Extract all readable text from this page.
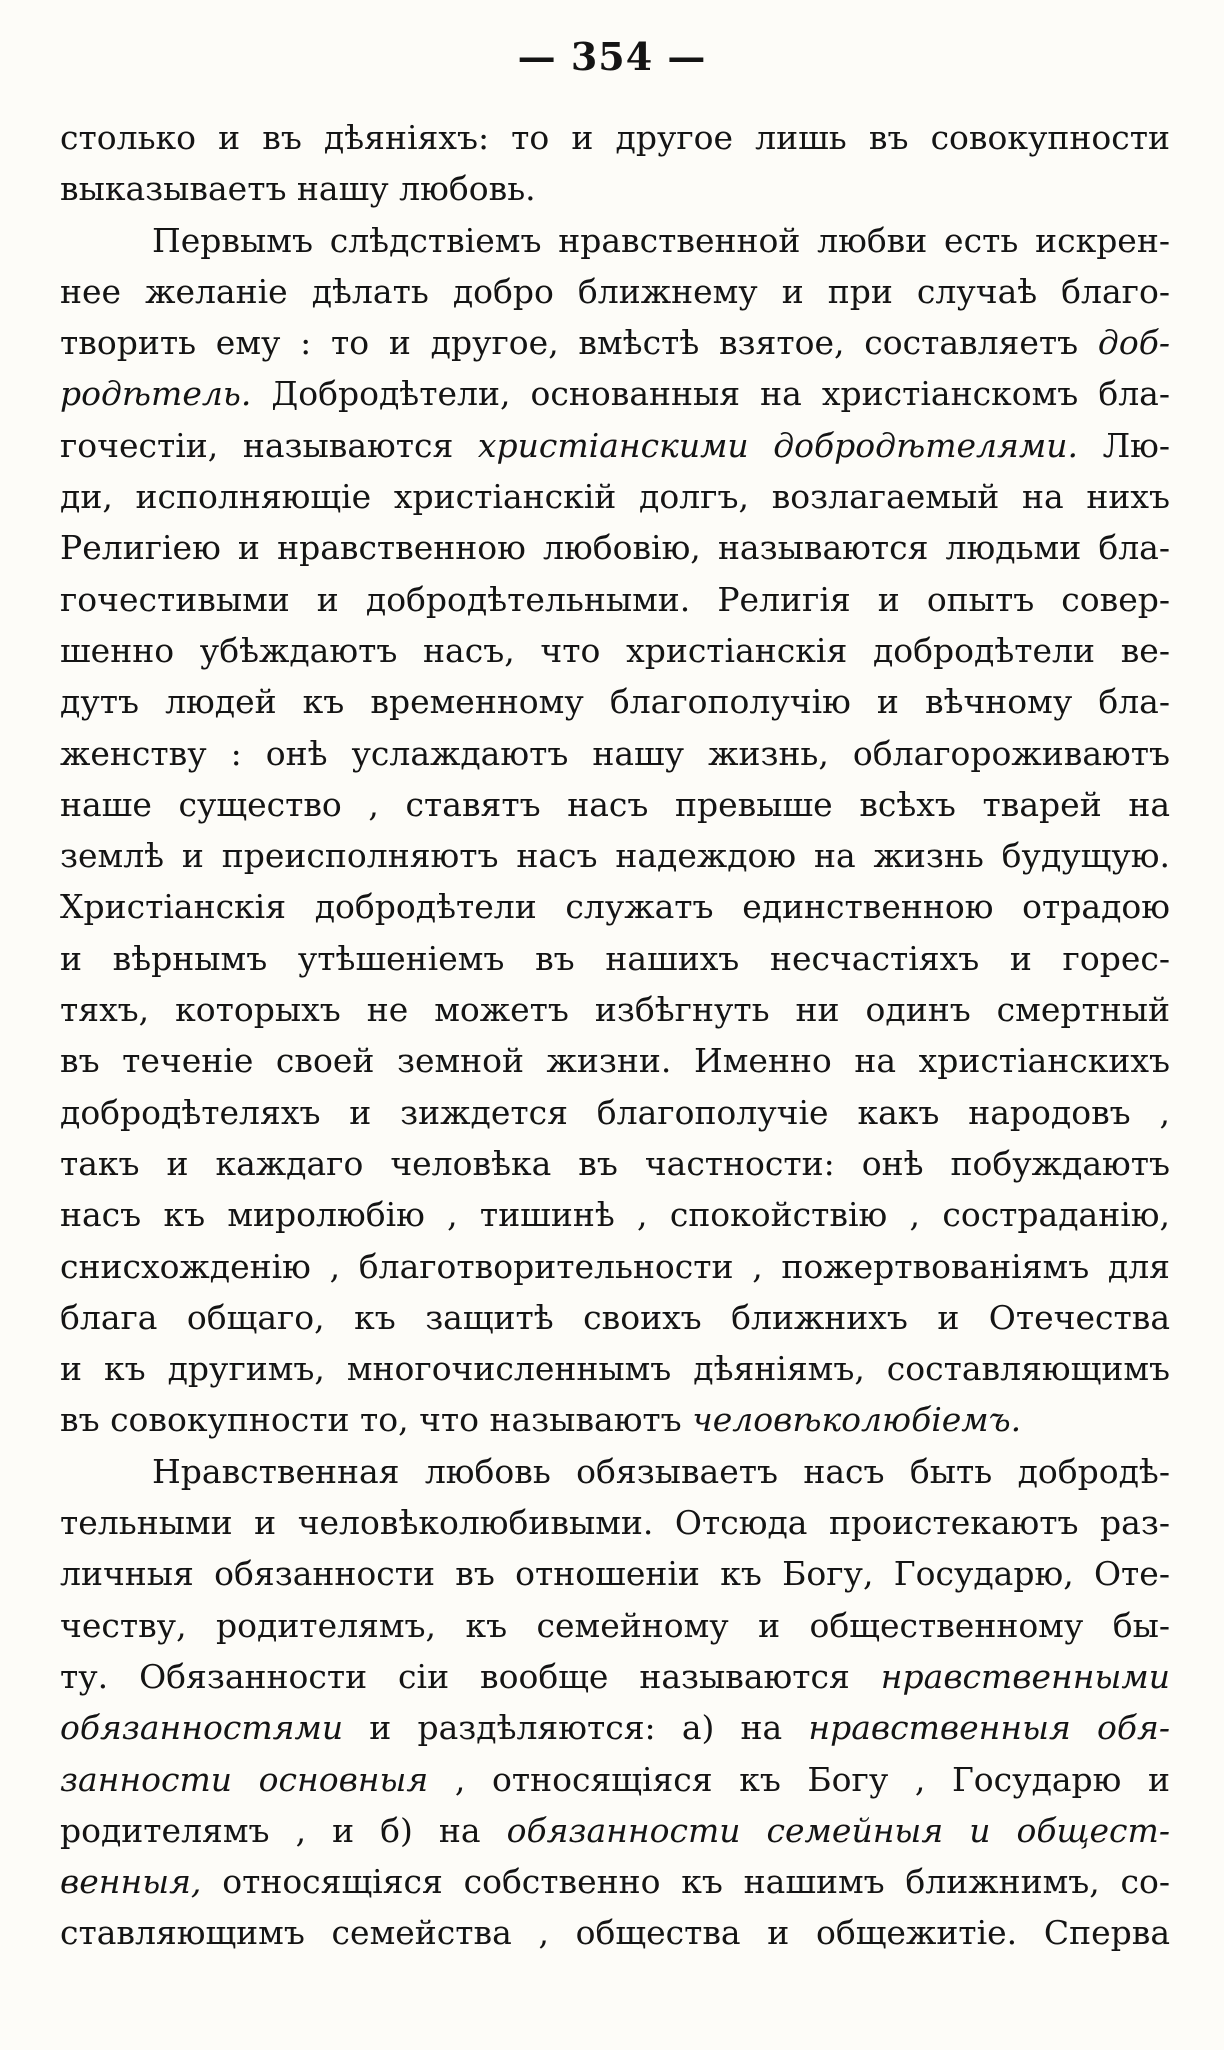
— 354 —
столько и въ дѣяніяхъ: то и другое лишь въ совокупности
выказываетъ нашу любовь.
Первымъ слѣдствіемъ нравственной любви есть искрен-
нее желаніе дѣлать добро ближнему и при случаѣ благо-
творить ему : то и другое, вмѣстѣ взятое, составляетъ доб-
родѣтель. Добродѣтели, основанныя на христіанскомъ бла-
гочестіи, называются христіанскими добродѣтелями. Лю-
ди, исполняющіе христіанскій долгъ, возлагаемый на нихъ
Религіею и нравственною любовію, называются людьми бла-
гочестивыми и добродѣтельными. Религія и опытъ совер-
шенно убѣждаютъ насъ, что христіанскія добродѣтели ве-
дутъ людей къ временному благополучію и вѣчному бла-
женству : онѣ услаждаютъ нашу жизнь, облагороживаютъ
наше существо , ставятъ насъ превыше всѣхъ тварей на
землѣ и преисполняютъ насъ надеждою на жизнь будущую.
Христіанскія добродѣтели служатъ единственною отрадою
и вѣрнымъ утѣшеніемъ въ нашихъ несчастіяхъ и горес-
тяхъ, которыхъ не можетъ избѣгнуть ни одинъ смертный
въ теченіе своей земной жизни. Именно на христіанскихъ
добродѣтеляхъ и зиждется благополучіе какъ народовъ ,
такъ и каждаго человѣка въ частности: онѣ побуждаютъ
насъ къ миролюбію , тишинѣ , спокойствію , состраданію,
снисхожденію , благотворительности , пожертвованіямъ для
блага общаго, къ защитѣ своихъ ближнихъ и Отечества
и къ другимъ, многочисленнымъ дѣяніямъ, составляющимъ
въ совокупности то, что называютъ человѣколюбіемъ.
Нравственная любовь обязываетъ насъ быть добродѣ-
тельными и человѣколюбивыми. Отсюда проистекаютъ раз-
личныя обязанности въ отношеніи къ Богу, Государю, Оте-
честву, родителямъ, къ семейному и общественному бы-
ту. Обязанности сіи вообще называются нравственными
обязанностями и раздѣляются: а) на нравственныя обя-
занности основныя , относящіяся къ Богу , Государю и
родителямъ , и б) на обязанности семейныя и общест-
венныя, относящіяся собственно къ нашимъ ближнимъ, со-
ставляющимъ семейства , общества и общежитіе. Сперва
